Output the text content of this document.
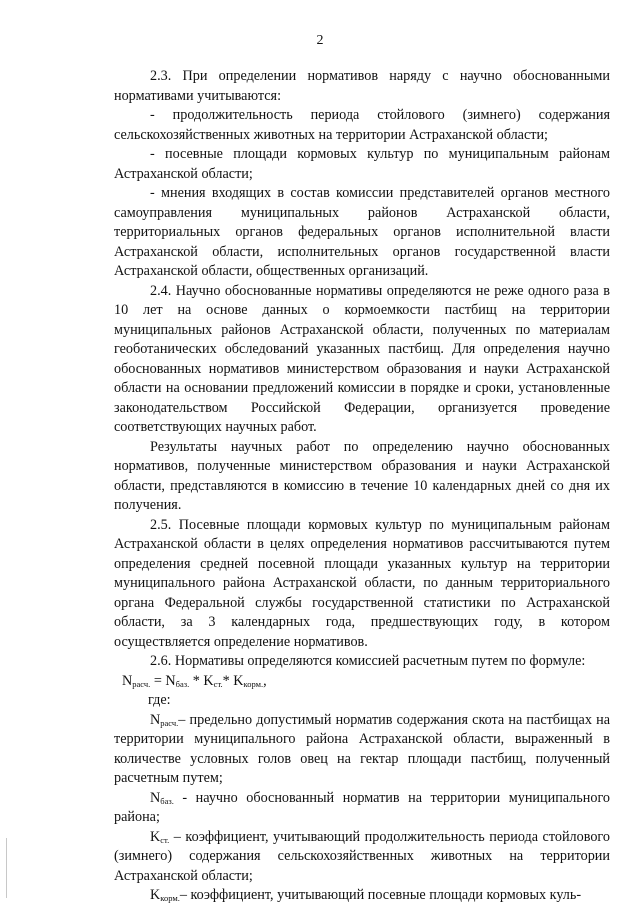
2

2.3. При определении нормативов наряду с научно обоснованными нормативами учитываются:

- продолжительность периода стойлового (зимнего) содержания сельскохозяйственных животных на территории Астраханской области;

- посевные площади кормовых культур по муниципальным районам Астраханской области;

- мнения входящих в состав комиссии представителей органов местного самоуправления муниципальных районов Астраханской области, территориальных органов федеральных органов исполнительной власти Астраханской области, исполнительных органов государственной власти Астраханской области, общественных организаций.

2.4. Научно обоснованные нормативы определяются не реже одного раза в 10 лет на основе данных о кормоемкости пастбищ на территории муниципальных районов Астраханской области, полученных по материалам геоботанических обследований указанных пастбищ. Для определения научно обоснованных нормативов министерством образования и науки Астраханской области на основании предложений комиссии в порядке и сроки, установленные законодательством Российской Федерации, организуется проведение соответствующих научных работ.

Результаты научных работ по определению научно обоснованных нормативов, полученные министерством образования и науки Астраханской области, представляются в комиссию в течение 10 календарных дней со дня их получения.

2.5. Посевные площади кормовых культур по муниципальным районам Астраханской области в целях определения нормативов рассчитываются путем определения средней посевной площади указанных культур на территории муниципального района Астраханской области, по данным территориального органа Федеральной службы государственной статистики по Астраханской области, за 3 календарных года, предшествующих году, в котором осуществляется определение нормативов.

2.6. Нормативы определяются комиссией расчетным путем по формуле:

$N_{расч.} = N_{баз.} * K_{ст.}*$ $K_{корм.}$,

где:

$N_{расч.}-$ предельно допустимый норматив содержания скота на пастбищах на территории муниципального района Астраханской области, выраженный в количестве условных голов овец на гектар площади пастбищ, полученный расчетным путем;

$N_{баз.}$ - научно обоснованный норматив на территории муниципального района;

$K_{ст.}$ – коэффициент, учитывающий продолжительность периода стойлового (зимнего) содержания сельскохозяйственных животных на территории Астраханской области;

$K_{корм.}-$ коэффициент, учитывающий посевные площади кормовых куль-
